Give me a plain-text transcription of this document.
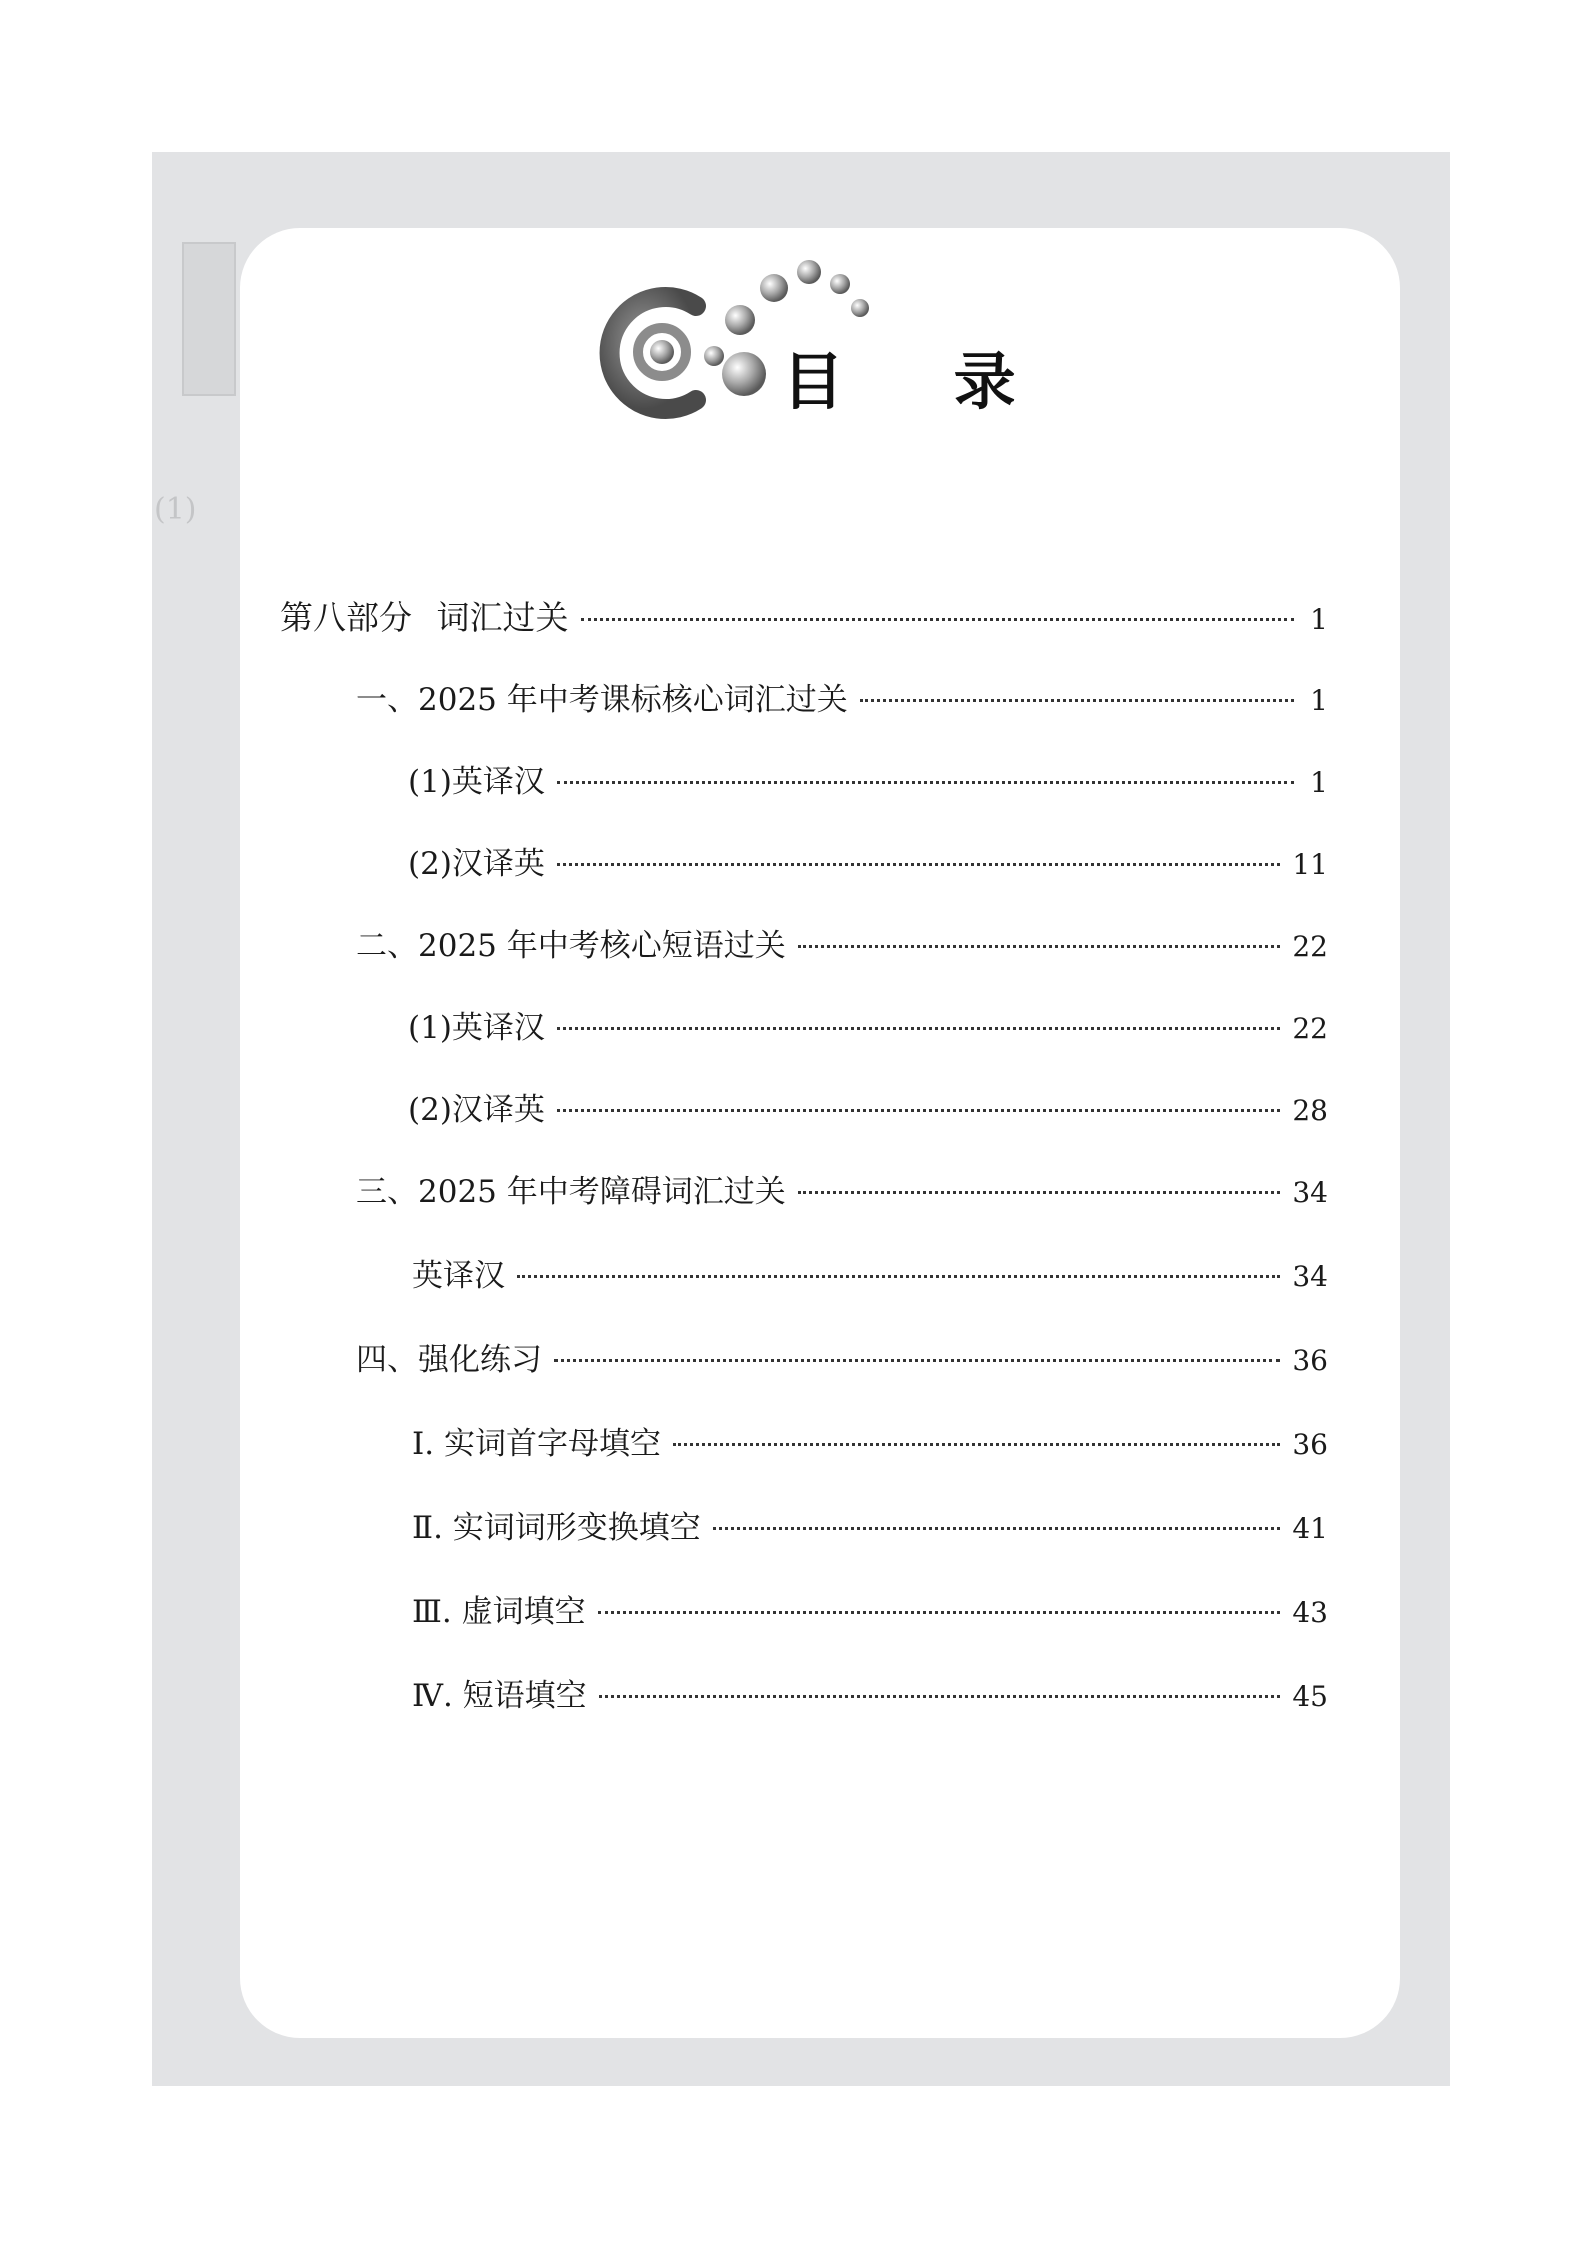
(1)
目 录
第八部分 词汇过关	1
一、2025 年中考课标核心词汇过关	1
(1)英译汉	1
(2)汉译英	11
二、2025 年中考核心短语过关	22
(1)英译汉	22
(2)汉译英	28
三、2025 年中考障碍词汇过关	34
英译汉	34
四、强化练习	36
Ⅰ. 实词首字母填空	36
Ⅱ. 实词词形变换填空	41
Ⅲ. 虚词填空	43
Ⅳ. 短语填空	45
